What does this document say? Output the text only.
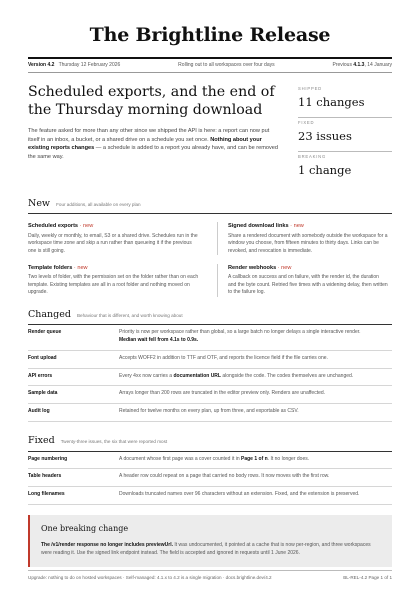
The Brightline Release
Version 4.2 Thursday 12 February 2026	Rolling out to all workspaces over four days	Previous 4.1.3, 14 January
Scheduled exports, and the end of the Thursday morning download

The feature asked for more than any other since we shipped the API is here: a report can now put itself in an inbox, a bucket, or a shared drive on a schedule you set once. Nothing about your existing reports changes — a schedule is added to a report you already have, and can be removed the same way.

SHIPPED
11 changes
FIXED
23 issues
BREAKING
1 change
New Four additions, all available on every plan
Scheduled exports · new
Daily, weekly or monthly, to email, S3 or a shared drive. Schedules run in the workspace time zone and skip a run rather than queueing it if the previous one is still going.
Signed download links · new
Share a rendered document with somebody outside the workspace for a window you choose, from fifteen minutes to thirty days. Links can be revoked, and revocation is immediate.
Template folders · new
Two levels of folder, with the permission set on the folder rather than on each template. Existing templates are all in a root folder and nothing moved on upgrade.
Render webhooks · new
A callback on success and on failure, with the render id, the duration and the byte count. Retried five times with a widening delay, then written to the failure log.
Changed Behaviour that is different, and worth knowing about
Render queue	Priority is now per workspace rather than global, so a large batch no longer delays a single interactive render.
Median wait fell from 4.1s to 0.9s.
Font upload	Accepts WOFF2 in addition to TTF and OTF, and reports the licence field if the file carries one.
API errors	Every 4xx now carries a documentation URL alongside the code. The codes themselves are unchanged.
Sample data	Arrays longer than 200 rows are truncated in the editor preview only. Renders are unaffected.
Audit log	Retained for twelve months on every plan, up from three, and exportable as CSV.
Fixed Twenty-three issues, the six that were reported most
Page numbering	A document whose first page was a cover counted it in Page 1 of n. It no longer does.
Table headers	A header row could repeat on a page that carried no body rows. It now moves with the first row.
Long filenames	Downloads truncated names over 96 characters without an extension. Fixed, and the extension is preserved.
One breaking change

The /v1/render response no longer includes previewUrl. It was undocumented, it pointed at a cache that is now per-region, and three workspaces were reading it. Use the signed link endpoint instead. The field is accepted and ignored in requests until 1 June 2026.

Upgrade: nothing to do on hosted workspaces · Self-managed: 4.1.x to 4.2 is a single migration · docs.brightline.dev/4.2	BL-REL-4.2 Page 1 of 1
